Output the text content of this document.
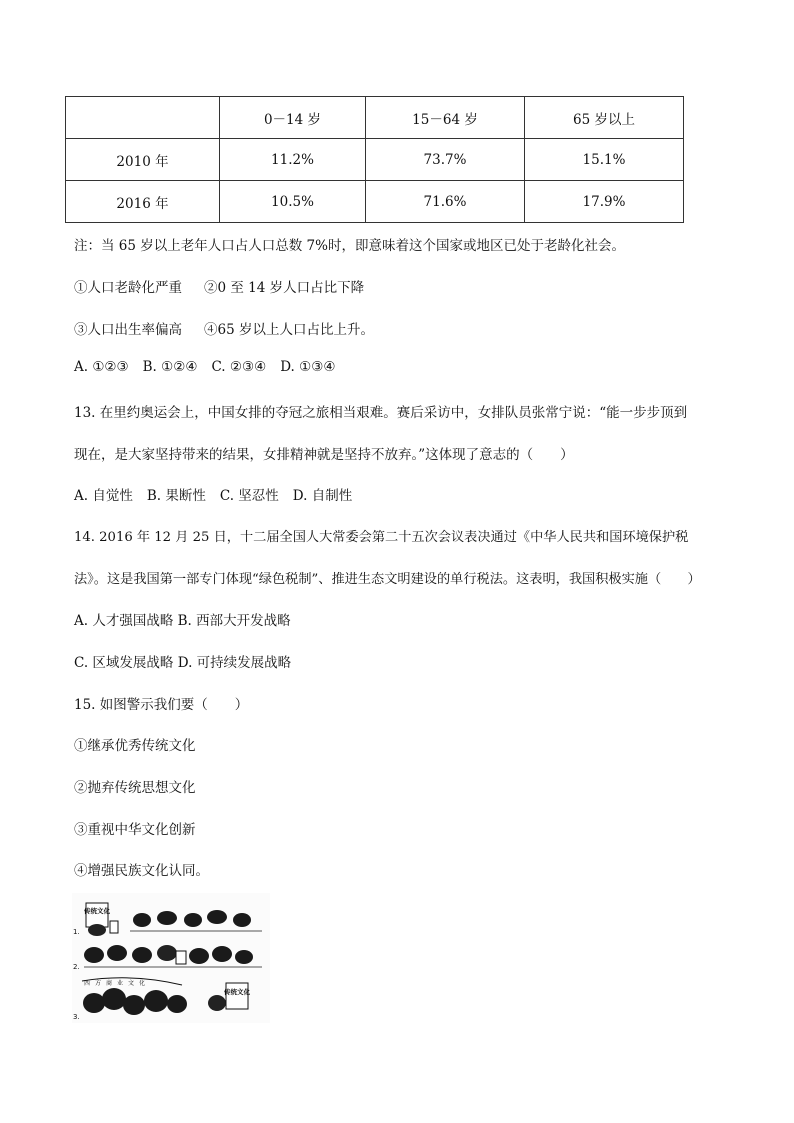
	0－14 岁	15－64 岁	65 岁以上
2010 年	11.2%	73.7%	15.1%
2016 年	10.5%	71.6%	17.9%
注：当 65 岁以上老年人口占人口总数 7%时，即意味着这个国家或地区已处于老龄化社会。
①人口老龄化严重 ②0 至 14 岁人口占比下降
③人口出生率偏高 ④65 岁以上人口占比上升。
A. ①②③ B. ①②④ C. ②③④ D. ①③④
13. 在里约奥运会上，中国女排的夺冠之旅相当艰难。赛后采访中，女排队员张常宁说：“能一步步顶到
现在，是大家坚持带来的结果，女排精神就是坚持不放弃。”这体现了意志的（　　）
A. 自觉性 B. 果断性 C. 坚忍性 D. 自制性
14. 2016 年 12 月 25 日，十二届全国人大常委会第二十五次会议表决通过《中华人民共和国环境保护税
法》。这是我国第一部专门体现“绿色税制”、推进生态文明建设的单行税法。这表明，我国积极实施（　　）
A. 人才强国战略 B. 西部大开发战略
C. 区域发展战略 D. 可持续发展战略
15. 如图警示我们要（　　）
①继承优秀传统文化
②抛弃传统思想文化
③重视中华文化创新
④增强民族文化认同。
1.
传统文化
2.
3.
西方商业文化
传统文化
